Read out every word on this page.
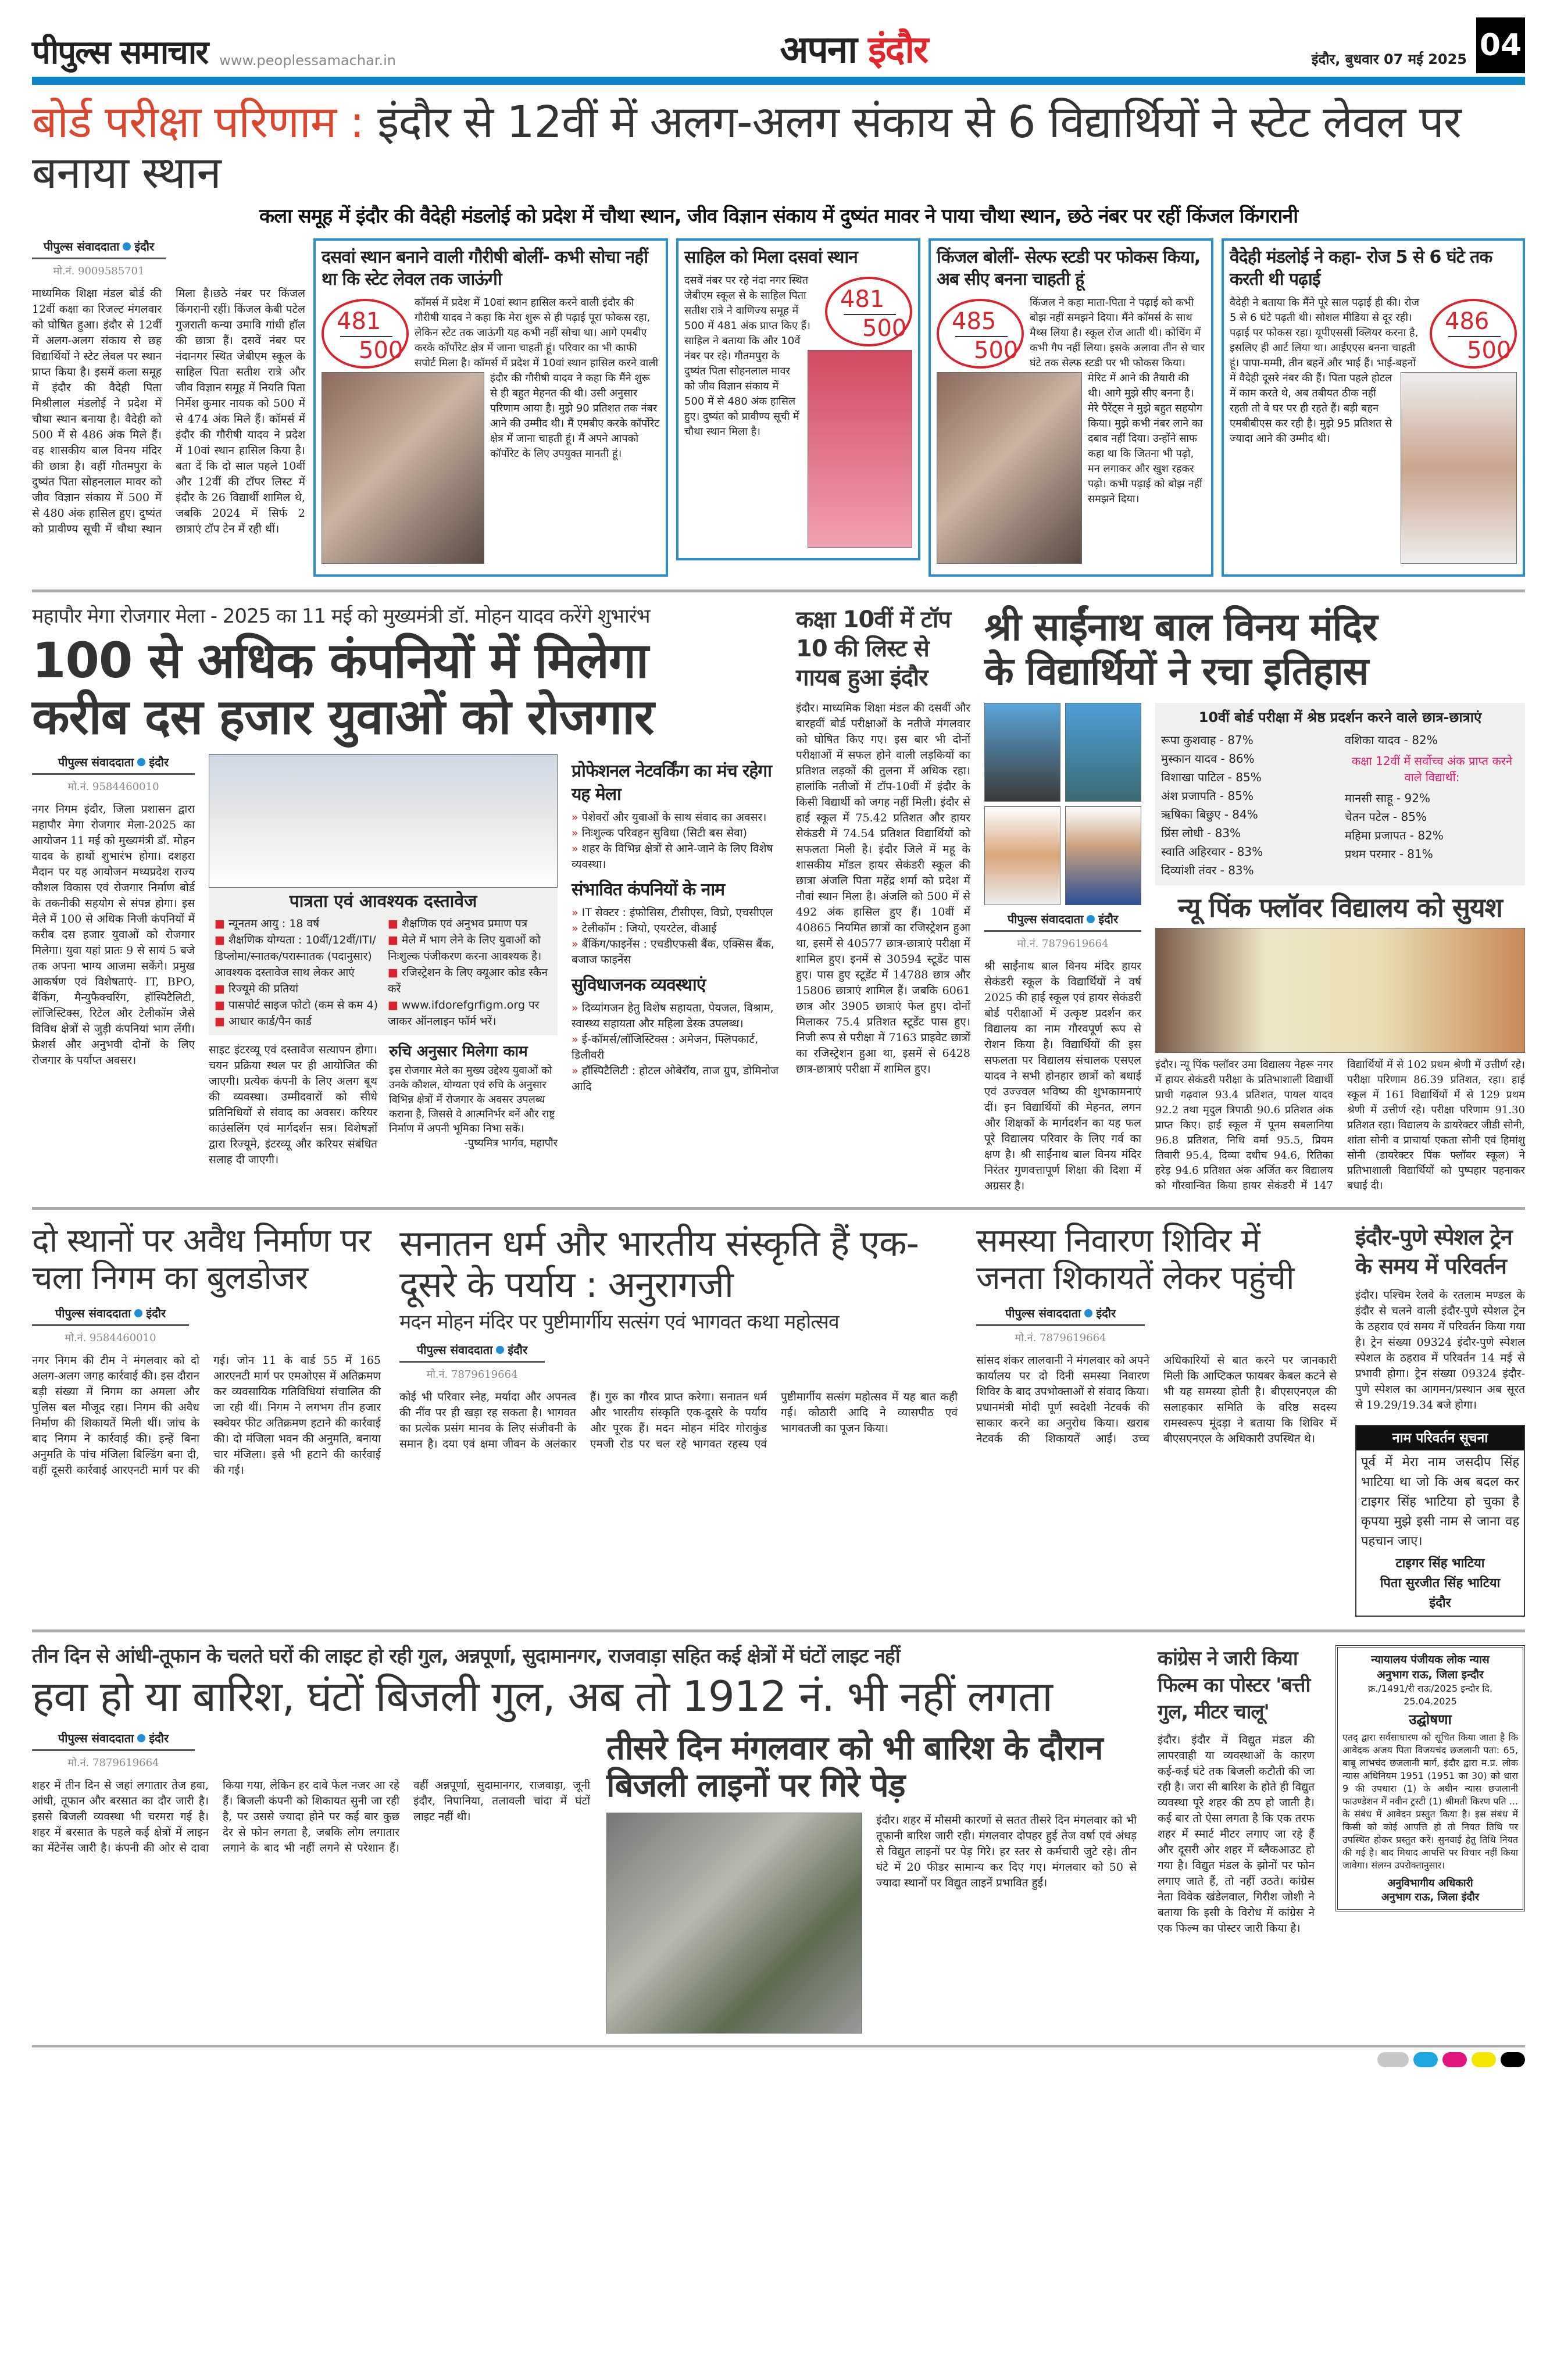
पीपुल्स समाचार www.peoplessamachar.in	अपना इंदौर	इंदौर, बुधवार 07 मई 2025 04
बोर्ड परीक्षा परिणाम : इंदौर से 12वीं में अलग-अलग संकाय से 6 विद्यार्थियों ने स्टेट लेवल पर बनाया स्थान
कला समूह में इंदौर की वैदेही मंडलोई को प्रदेश में चौथा स्थान, जीव विज्ञान संकाय में दुष्यंत मावर ने पाया चौथा स्थान, छठे नंबर पर रहीं किंजल किंगरानी
पीपुल्स संवाददाता इंदौर
मो.नं. 9009585701
माध्यमिक शिक्षा मंडल बोर्ड की 12वीं कक्षा का रिजल्ट मंगलवार को घोषित हुआ। इंदौर से 12वीं में अलग-अलग संकाय से छह विद्यार्थियों ने स्टेट लेवल पर स्थान प्राप्त किया है। इसमें कला समूह में इंदौर की वैदेही पिता मिश्रीलाल मंडलोई ने प्रदेश में चौथा स्थान बनाया है। वैदेही को 500 में से 486 अंक मिले हैं। वह शासकीय बाल विनय मंदिर की छात्रा है। वहीं गौतमपुरा के दुष्यंत पिता सोहनलाल मावर को जीव विज्ञान संकाय में 500 में से 480 अंक हासिल हुए। दुष्यंत को प्रावीण्य सूची में चौथा स्थान मिला है।छठे नंबर पर किंजल किंगरानी रहीं। किंजल केबी पटेल गुजराती कन्या उमावि गांधी हॉल की छात्रा हैं। दसवें नंबर पर नंदानगर स्थित जेबीएम स्कूल के साहिल पिता सतीश रात्रे और जीव विज्ञान समूह में नियति पिता निर्मेश कुमार नायक को 500 में से 474 अंक मिले हैं। कॉमर्स में इंदौर की गौरीषी यादव ने प्रदेश में 10वां स्थान हासिल किया है। बता दें कि दो साल पहले 10वीं और 12वीं की टॉपर लिस्ट में इंदौर के 26 विद्यार्थी शामिल थे, जबकि 2024 में सिर्फ 2 छात्राएं टॉप टेन में रही थीं।
दसवां स्थान बनाने वाली गौरीषी बोलीं- कभी सोचा नहीं था कि स्टेट लेवल तक जाऊंगी
481
500
कॉमर्स में प्रदेश में 10वां स्थान हासिल करने वाली इंदौर की गौरीषी यादव ने कहा कि मेरा शुरू से ही पढ़ाई पूरा फोकस रहा, लेकिन स्टेट तक जाऊंगी यह कभी नहीं सोचा था। आगे एमबीए करके कॉर्पोरेट क्षेत्र में जाना चाहती हूं। परिवार का भी काफी सपोर्ट मिला है। कॉमर्स में प्रदेश में 10वां स्थान हासिल करने वाली इंदौर की गौरीषी यादव ने कहा कि मैंने शुरू से ही बहुत मेहनत की थी। उसी अनुसार परिणाम आया है। मुझे 90 प्रतिशत तक नंबर आने की उम्मीद थी। मैं एमबीए करके कॉर्पोरेट क्षेत्र में जाना चाहती हूं। मैं अपने आपको कॉर्पोरेट के लिए उपयुक्त मानती हूं।
साहिल को मिला दसवां स्थान
481
500
दसवें नंबर पर रहे नंदा नगर स्थित जेबीएम स्कूल से के साहिल पिता सतीश रात्रे ने वाणिज्य समूह में 500 में 481 अंक प्राप्त किए हैं। साहिल ने बताया कि और 10वें नंबर पर रहे। गौतमपुरा के दुष्यंत पिता सोहनलाल मावर को जीव विज्ञान संकाय में 500 में से 480 अंक हासिल हुए। दुष्यंत को प्रावीण्य सूची में चौथा स्थान मिला है।
किंजल बोलीं- सेल्फ स्टडी पर फोकस किया, अब सीए बनना चाहती हूं
485
500
किंजल ने कहा माता-पिता ने पढ़ाई को कभी बोझ नहीं समझने दिया। मैंने कॉमर्स के साथ मैथ्स लिया है। स्कूल रोज आती थी। कोचिंग में कभी गैप नहीं लिया। इसके अलावा तीन से चार घंटे तक सेल्फ स्टडी पर भी फोकस किया। मेरिट में आने की तैयारी की थी। आगे मुझे सीए बनना है। मेरे पैरेंट्स ने मुझे बहुत सहयोग किया। मुझे कभी नंबर लाने का दबाव नहीं दिया। उन्होंने साफ कहा था कि जितना भी पढ़ो, मन लगाकर और खुश रहकर पढ़ो। कभी पढ़ाई को बोझ नहीं समझने दिया।
वैदेही मंडलोई ने कहा- रोज 5 से 6 घंटे तक करती थी पढ़ाई
486
500
वैदेही ने बताया कि मैंने पूरे साल पढ़ाई ही की। रोज 5 से 6 घंटे पढ़ती थी। सोशल मीडिया से दूर रही। पढ़ाई पर फोकस रहा। यूपीएससी क्लियर करना है, इसलिए ही आर्ट लिया था। आईएएस बनना चाहती हूं। पापा-मम्मी, तीन बहनें और भाई हैं। भाई-बहनों में वैदेही दूसरे नंबर की हैं। पिता पहले होटल में काम करते थे, अब तबीयत ठीक नहीं रहती तो वे घर पर ही रहते हैं। बड़ी बहन एमबीबीएस कर रही है। मुझे 95 प्रतिशत से ज्यादा आने की उम्मीद थी।
महापौर मेगा रोजगार मेला - 2025 का 11 मई को मुख्यमंत्री डॉ. मोहन यादव करेंगे शुभारंभ
100 से अधिक कंपनियों में मिलेगा
करीब दस हजार युवाओं को रोजगार
पीपुल्स संवाददाता इंदौर
मो.नं. 9584460010
नगर निगम इंदौर, जिला प्रशासन द्वारा महापौर मेगा रोजगार मेला-2025 का आयोजन 11 मई को मुख्यमंत्री डॉ. मोहन यादव के हाथों शुभारंभ होगा। दशहरा मैदान पर यह आयोजन मध्यप्रदेश राज्य कौशल विकास एवं रोजगार निर्माण बोर्ड के तकनीकी सहयोग से संपन्न होगा। इस मेले में 100 से अधिक निजी कंपनियों में करीब दस हजार युवाओं को रोजगार मिलेगा। युवा यहां प्रातः 9 से सायं 5 बजे तक अपना भाग्य आजमा सकेंगे। प्रमुख आकर्षण एवं विशेषताएं- IT, BPO, बैंकिंग, मैन्युफैक्चरिंग, हॉस्पिटैलिटी, लॉजिस्टिक्स, रिटेल और टेलीकॉम जैसे विविध क्षेत्रों से जुड़ी कंपनियां भाग लेंगी। फ्रेशर्स और अनुभवी दोनों के लिए रोजगार के पर्याप्त अवसर।
पात्रता एवं आवश्यक दस्तावेज
■ न्यूनतम आयु : 18 वर्ष
■ शैक्षणिक योग्यता : 10वीं/12वीं/ITI/डिप्लोमा/स्नातक/परास्नातक (पदानुसार) आवश्यक दस्तावेज साथ लेकर आएं
■ रिज्यूमे की प्रतियां
■ पासपोर्ट साइज फोटो (कम से कम 4)
■ आधार कार्ड/पैन कार्ड
■ शैक्षणिक एवं अनुभव प्रमाण पत्र
■ मेले में भाग लेने के लिए युवाओं को निःशुल्क पंजीकरण करना आवश्यक है।
■ रजिस्ट्रेशन के लिए क्यूआर कोड स्कैन करें
■ www.ifdorefgrfigm.org पर जाकर ऑनलाइन फॉर्म भरें।
साइट इंटरव्यू एवं दस्तावेज सत्यापन होगा। चयन प्रक्रिया स्थल पर ही आयोजित की जाएगी। प्रत्येक कंपनी के लिए अलग बूथ की व्यवस्था। उम्मीदवारों को सीधे प्रतिनिधियों से संवाद का अवसर। करियर काउंसलिंग एवं मार्गदर्शन सत्र। विशेषज्ञों द्वारा रिज्यूमे, इंटरव्यू और करियर संबंधित सलाह दी जाएगी।
रुचि अनुसार मिलेगा काम
इस रोजगार मेले का मुख्य उद्देश्य युवाओं को उनके कौशल, योग्यता एवं रुचि के अनुसार विभिन्न क्षेत्रों में रोजगार के अवसर उपलब्ध कराना है, जिससे वे आत्मनिर्भर बनें और राष्ट्र निर्माण में अपनी भूमिका निभा सकें।
-पुष्यमित्र भार्गव, महापौर
प्रोफेशनल नेटवर्किंग का मंच रहेगा यह मेला
» पेशेवरों और युवाओं के साथ संवाद का अवसर।
» निःशुल्क परिवहन सुविधा (सिटी बस सेवा)
» शहर के विभिन्न क्षेत्रों से आने-जाने के लिए विशेष व्यवस्था।
संभावित कंपनियों के नाम
» IT सेक्टर : इंफोसिस, टीसीएस, विप्रो, एचसीएल
» टेलीकॉम : जियो, एयरटेल, वीआई
» बैंकिंग/फाइनेंस : एचडीएफसी बैंक, एक्सिस बैंक, बजाज फाइनेंस
सुविधाजनक व्यवस्थाएं
» दिव्यांगजन हेतु विशेष सहायता, पेयजल, विश्राम, स्वास्थ्य सहायता और महिला डेस्क उपलब्ध।
» ई-कॉमर्स/लॉजिस्टिक्स : अमेजन, फ्लिपकार्ट, डिलीवरी
» हॉस्पिटैलिटी : होटल ओबेरॉय, ताज ग्रुप, डोमिनोज आदि
कक्षा 10वीं में टॉप 10 की लिस्ट से गायब हुआ इंदौर
इंदौर। माध्यमिक शिक्षा मंडल की दसवीं और बारहवीं बोर्ड परीक्षाओं के नतीजे मंगलवार को घोषित किए गए। इस बार भी दोनों परीक्षाओं में सफल होने वाली लड़कियों का प्रतिशत लड़कों की तुलना में अधिक रहा। हालांकि नतीजों में टॉप-10वीं में इंदौर के किसी विद्यार्थी को जगह नहीं मिली। इंदौर से हाई स्कूल में 75.42 प्रतिशत और हायर सेकंडरी में 74.54 प्रतिशत विद्यार्थियों को सफलता मिली है। इंदौर जिले में महू के शासकीय मॉडल हायर सेकंडरी स्कूल की छात्रा अंजलि पिता महेंद्र शर्मा को प्रदेश में नौवां स्थान मिला है। अंजलि को 500 में से 492 अंक हासिल हुए हैं। 10वीं में 40865 नियमित छात्रों का रजिस्ट्रेशन हुआ था, इसमें से 40577 छात्र-छात्राएं परीक्षा में शामिल हुए। इनमें से 30594 स्टूडेंट पास हुए। पास हुए स्टूडेंट में 14788 छात्र और 15806 छात्राएं शामिल हैं। जबकि 6061 छात्र और 3905 छात्राएं फेल हुए। दोनों मिलाकर 75.4 प्रतिशत स्टूडेंट पास हुए। निजी रूप से परीक्षा में 7163 प्राइवेट छात्रों का रजिस्ट्रेशन हुआ था, इसमें से 6428 छात्र-छात्राएं परीक्षा में शामिल हुए।
श्री साईंनाथ बाल विनय मंदिर
के विद्यार्थियों ने रचा इतिहास
पीपुल्स संवाददाता इंदौर
मो.नं. 7879619664
श्री साईंनाथ बाल विनय मंदिर हायर सेकंडरी स्कूल के विद्यार्थियों ने वर्ष 2025 की हाई स्कूल एवं हायर सेकंडरी बोर्ड परीक्षाओं में उत्कृष्ट प्रदर्शन कर विद्यालय का नाम गौरवपूर्ण रूप से रोशन किया है। विद्यार्थियों की इस सफलता पर विद्यालय संचालक एसएल यादव ने सभी होनहार छात्रों को बधाई एवं उज्ज्वल भविष्य की शुभकामनाएं दीं। इन विद्यार्थियों की मेहनत, लगन और शिक्षकों के मार्गदर्शन का यह फल पूरे विद्यालय परिवार के लिए गर्व का क्षण है। श्री साईंनाथ बाल विनय मंदिर निरंतर गुणवत्तापूर्ण शिक्षा की दिशा में अग्रसर है।
10वीं बोर्ड परीक्षा में श्रेष्ठ प्रदर्शन करने वाले छात्र-छात्राएं
रूपा कुशवाह - 87%
मुस्कान यादव - 86%
विशाखा पाटिल - 85%
अंश प्रजापति - 85%
ऋषिका बिछुए - 84%
प्रिंस लोधी - 83%
स्वाति अहिरवार - 83%
दिव्यांशी तंवर - 83%
वशिका यादव - 82%
कक्षा 12वीं में सर्वोच्च अंक प्राप्त करने वाले विद्यार्थी:
मानसी साहू - 92%
चेतन पटेल - 85%
महिमा प्रजापत - 82%
प्रथम परमार - 81%
न्यू पिंक फ्लॉवर विद्यालय को सुयश
इंदौर। न्यू पिंक फ्लॉवर उमा विद्यालय नेहरू नगर में हायर सेकंडरी परीक्षा के प्रतिभाशाली विद्यार्थी प्राची गढ़वाल 93.4 प्रतिशत, पायल यादव 92.2 तथा मृदुल त्रिपाठी 90.6 प्रतिशत अंक प्राप्त किए। हाई स्कूल में पूनम सबलानिया 96.8 प्रतिशत, निधि वर्मा 95.5, प्रियम तिवारी 95.4, दिव्या दधीच 94.6, रितिका हरेड़ 94.6 प्रतिशत अंक अर्जित कर विद्यालय को गौरवान्वित किया हायर सेकंडरी में 147 विद्यार्थियों में से 102 प्रथम श्रेणी में उत्तीर्ण रहे। परीक्षा परिणाम 86.39 प्रतिशत, रहा। हाई स्कूल में 161 विद्यार्थियों में से 129 प्रथम श्रेणी में उत्तीर्ण रहे। परीक्षा परिणाम 91.30 प्रतिशत रहा। विद्यालय के डायरेक्टर जीडी सोनी, शांता सोनी व प्राचार्या एकता सोनी एवं हिमांशु सोनी (डायरेक्टर पिंक फ्लॉवर स्कूल) ने प्रतिभाशाली विद्यार्थियों को पुष्पहार पहनाकर बधाई दी।
दो स्थानों पर अवैध निर्माण पर चला निगम का बुलडोजर
पीपुल्स संवाददाता इंदौर
मो.नं. 9584460010
नगर निगम की टीम ने मंगलवार को दो अलग-अलग जगह कार्रवाई की। इस दौरान बड़ी संख्या में निगम का अमला और पुलिस बल मौजूद रहा। निगम की अवैध निर्माण की शिकायतें मिली थीं। जांच के बाद निगम ने कार्रवाई की। इन्हें बिना अनुमति के पांच मंजिला बिल्डिंग बना दी, वहीं दूसरी कार्रवाई आरएनटी मार्ग पर की गई। जोन 11 के वार्ड 55 में 165 आरएनटी मार्ग पर एमओएस में अतिक्रमण कर व्यवसायिक गतिविधियां संचालित की जा रही थीं। निगम ने लगभग तीन हजार स्क्वेयर फीट अतिक्रमण हटाने की कार्रवाई की। दो मंजिला भवन की अनुमति, बनाया चार मंजिला। इसे भी हटाने की कार्रवाई की गई।
सनातन धर्म और भारतीय संस्कृति हैं एक-दूसरे के पर्याय : अनुरागजी
मदन मोहन मंदिर पर पुष्टीमार्गीय सत्संग एवं भागवत कथा महोत्सव
पीपुल्स संवाददाता इंदौर
मो.नं. 7879619664
कोई भी परिवार स्नेह, मर्यादा और अपनत्व की नींव पर ही खड़ा रह सकता है। भागवत का प्रत्येक प्रसंग मानव के लिए संजीवनी के समान है। दया एवं क्षमा जीवन के अलंकार हैं। गुरु का गौरव प्राप्त करेगा। सनातन धर्म और भारतीय संस्कृति एक-दूसरे के पर्याय और पूरक हैं। मदन मोहन मंदिर गोराकुंड एमजी रोड पर चल रहे भागवत रहस्य एवं पुष्टीमार्गीय सत्संग महोत्सव में यह बात कही गई। कोठारी आदि ने व्यासपीठ एवं भागवतजी का पूजन किया।
समस्या निवारण शिविर में जनता शिकायतें लेकर पहुंची
पीपुल्स संवाददाता इंदौर
मो.नं. 7879619664
सांसद शंकर लालवानी ने मंगलवार को अपने कार्यालय पर दो दिनी समस्या निवारण शिविर के बाद उपभोक्ताओं से संवाद किया। प्रधानमंत्री मोदी पूर्ण स्वदेशी नेटवर्क की साकार करने का अनुरोध किया। खराब नेटवर्क की शिकायतें आईं। उच्च अधिकारियों से बात करने पर जानकारी मिली कि आप्टिकल फायबर केबल कटने से भी यह समस्या होती है। बीएसएनएल की सलाहकार समिति के वरिष्ठ सदस्य रामस्वरूप मूंदड़ा ने बताया कि शिविर में बीएसएनएल के अधिकारी उपस्थित थे।
इंदौर-पुणे स्पेशल ट्रेन के समय में परिवर्तन
इंदौर। पश्चिम रेलवे के रतलाम मण्डल के इंदौर से चलने वाली इंदौर-पुणे स्पेशल ट्रेन के ठहराव एवं समय में परिवर्तन किया गया है। ट्रेन संख्या 09324 इंदौर-पुणे स्पेशल स्पेशल के ठहराव में परिवर्तन 14 मई से प्रभावी होगा। ट्रेन संख्या 09324 इंदौर-पुणे स्पेशल का आगमन/प्रस्थान अब सूरत से 19.29/19.34 बजे होगा।
नाम परिवर्तन सूचना
पूर्व में मेरा नाम जसदीप सिंह भाटिया था जो कि अब बदल कर टाइगर सिंह भाटिया हो चुका है कृपया मुझे इसी नाम से जाना वह पहचान जाए।
टाइगर सिंह भाटिया
पिता सुरजीत सिंह भाटिया
इंदौर
तीन दिन से आंधी-तूफान के चलते घरों की लाइट हो रही गुल, अन्नपूर्णा, सुदामानगर, राजवाड़ा सहित कई क्षेत्रों में घंटों लाइट नहीं
हवा हो या बारिश, घंटों बिजली गुल, अब तो 1912 नं. भी नहीं लगता
पीपुल्स संवाददाता इंदौर
मो.नं. 7879619664
शहर में तीन दिन से जहां लगातार तेज हवा, आंधी, तूफान और बरसात का दौर जारी है। इससे बिजली व्यवस्था भी चरमरा गई है। शहर में बरसात के पहले कई क्षेत्रों में लाइन का मेंटेनेंस जारी है। कंपनी की ओर से दावा किया गया, लेकिन हर दावे फेल नजर आ रहे हैं। बिजली कंपनी को शिकायत सुनी जा रही है, पर उससे ज्यादा होने पर कई बार कुछ देर से फोन लगता है, जबकि लोग लगातार लगाने के बाद भी नहीं लगने से परेशान हैं। वहीं अन्नपूर्णा, सुदामानगर, राजवाड़ा, जूनी इंदौर, निपानिया, तलावली चांदा में घंटों लाइट नहीं थी।
तीसरे दिन मंगलवार को भी बारिश के दौरान बिजली लाइनों पर गिरे पेड़
इंदौर। शहर में मौसमी कारणों से सतत तीसरे दिन मंगलवार को भी तूफानी बारिश जारी रही। मंगलवार दोपहर हुई तेज वर्षा एवं अंधड़ से विद्युत लाइनों पर पेड़ गिरे। हर स्तर से कर्मचारी जुटे रहे। तीन घंटे में 20 फीडर सामान्य कर दिए गए। मंगलवार को 50 से ज्यादा स्थानों पर विद्युत लाइनें प्रभावित हुईं।
कांग्रेस ने जारी किया फिल्म का पोस्टर 'बत्ती गुल, मीटर चालू'
इंदौर। इंदौर में विद्युत मंडल की लापरवाही या व्यवस्थाओं के कारण कई-कई घंटे तक बिजली कटौती की जा रही है। जरा सी बारिश के होते ही विद्युत व्यवस्था पूरे शहर की ठप हो जाती है। कई बार तो ऐसा लगता है कि एक तरफ शहर में स्मार्ट मीटर लगाए जा रहे हैं और दूसरी ओर शहर में ब्लैकआउट हो गया है। विद्युत मंडल के झोनों पर फोन लगाए जाते हैं, तो नहीं उठते। कांग्रेस नेता विवेक खंडेलवाल, गिरीश जोशी ने बताया कि इसी के विरोध में कांग्रेस ने एक फिल्म का पोस्टर जारी किया है।
न्यायालय पंजीयक लोक न्यास
अनुभाग राऊ, जिला इन्दौर
क्र./1491/री राऊ/2025 इन्दौर दि. 25.04.2025
उद्घोषणा
एतद् द्वारा सर्वसाधारण को सूचित किया जाता है कि आवेदक अजय पिता विजयचंद छजलानी पता: 65, बाबू लाभचंद छजलानी मार्ग, इंदौर द्वारा म.प्र. लोक न्यास अधिनियम 1951 (1951 का 30) को धारा 9 की उपधारा (1) के अधीन न्यास छजलानी फाउण्डेशन में नवीन ट्रस्टी (1) श्रीमती किरण पति ... के संबंध में आवेदन प्रस्तुत किया है। इस संबंध में किसी को कोई आपत्ति हो तो नियत तिथि पर उपस्थित होकर प्रस्तुत करें। सुनवाई हेतु तिथि नियत की गई है। बाद मियाद आपत्ति पर विचार नहीं किया जावेगा। संलग्न उपरोक्तानुसार।
अनुविभागीय अधिकारी
अनुभाग राऊ, जिला इंदौर
